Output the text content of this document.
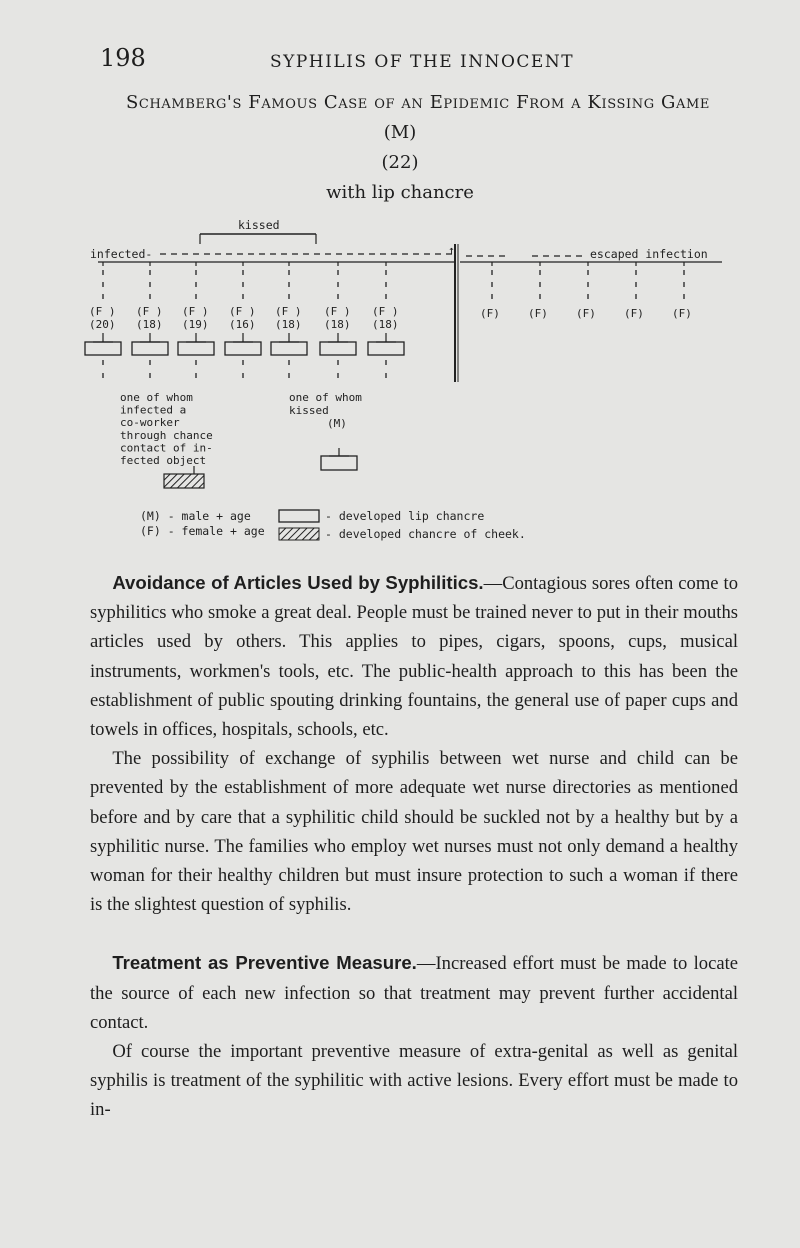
198	SYPHILIS OF THE INNOCENT
Schamberg's Famous Case of an Epidemic From a Kissing Game
(M)
(22)
with lip chancre
kissed
infected-	↑	escaped infection
(F )
(20)
(F )
(18)
(F )
(19)
(F )
(16)
(F )
(18)
(F )
(18)
(F )
(18)
(F)	(F)	(F)	(F)	(F)
one of whom
infected a
co-worker
through chance
contact of in-
fected object
one of whom
kissed
(M)
(M) - male + age
(F) - female + age
- developed lip chancre
- developed chancre of cheek.

Avoidance of Articles Used by Syphilitics.—Contagious sores often come to syphilitics who smoke a great deal. People must be trained never to put in their mouths articles used by others. This applies to pipes, cigars, spoons, cups, musical instruments, workmen's tools, etc. The public-health approach to this has been the establishment of public spouting drinking fountains, the general use of paper cups and towels in offices, hospitals, schools, etc.

The possibility of exchange of syphilis between wet nurse and child can be prevented by the establishment of more adequate wet nurse directories as mentioned before and by care that a syphilitic child should be suckled not by a healthy but by a syphilitic nurse. The families who employ wet nurses must not only demand a healthy woman for their healthy children but must insure protection to such a woman if there is the slightest question of syphilis.

Treatment as Preventive Measure.—Increased effort must be made to locate the source of each new infection so that treatment may prevent further accidental contact.

Of course the important preventive measure of extra-genital as well as genital syphilis is treatment of the syphilitic with active lesions. Every effort must be made to in-
